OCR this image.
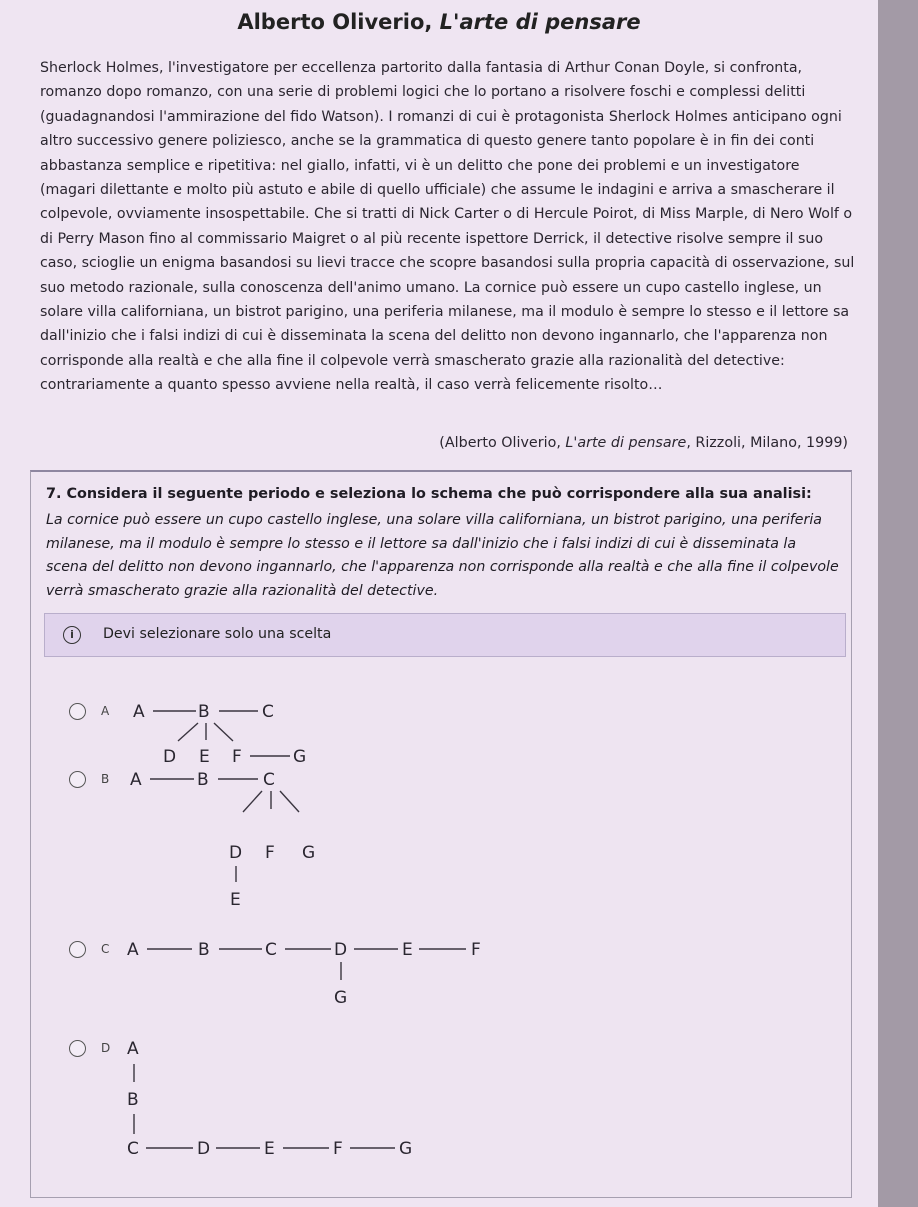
Alberto Oliverio, L'arte di pensare

Sherlock Holmes, l'investigatore per eccellenza partorito dalla fantasia di Arthur Conan Doyle, si confronta, romanzo dopo romanzo, con una serie di problemi logici che lo portano a risolvere foschi e complessi delitti (guadagnandosi l'ammirazione del fido Watson). I romanzi di cui è protagonista Sherlock Holmes anticipano ogni altro successivo genere poliziesco, anche se la grammatica di questo genere tanto popolare è in fin dei conti abbastanza semplice e ripetitiva: nel giallo, infatti, vi è un delitto che pone dei problemi e un investigatore (magari dilettante e molto più astuto e abile di quello ufficiale) che assume le indagini e arriva a smascherare il colpevole, ovviamente insospettabile. Che si tratti di Nick Carter o di Hercule Poirot, di Miss Marple, di Nero Wolf o di Perry Mason fino al commissario Maigret o al più recente ispettore Derrick, il detective risolve sempre il suo caso, scioglie un enigma basandosi su lievi tracce che scopre basandosi sulla propria capacità di osservazione, sul suo metodo razionale, sulla conoscenza dell'animo umano. La cornice può essere un cupo castello inglese, un solare villa californiana, un bistrot parigino, una periferia milanese, ma il modulo è sempre lo stesso e il lettore sa dall'inizio che i falsi indizi di cui è disseminata la scena del delitto non devono ingannarlo, che l'apparenza non corrisponde alla realtà e che alla fine il colpevole verrà smascherato grazie alla razionalità del detective: contrariamente a quanto spesso avviene nella realtà, il caso verrà felicemente risolto…

(Alberto Oliverio, L'arte di pensare, Rizzoli, Milano, 1999)
7. Considera il seguente periodo e seleziona lo schema che può corrispondere alla sua analisi:

La cornice può essere un cupo castello inglese, una solare villa californiana, un bistrot parigino, una periferia milanese, ma il modulo è sempre lo stesso e il lettore sa dall'inizio che i falsi indizi di cui è disseminata la scena del delitto non devono ingannarlo, che l'apparenza non corrisponde alla realtà e che alla fine il colpevole verrà smascherato grazie alla razionalità del detective.

i	Devi selezionare solo una scelta
A A	B	C
D E F	G
B A	B	C
D F G
E
C A	B	C	D	E	F
G
D A
B
C	D	E	F	G
